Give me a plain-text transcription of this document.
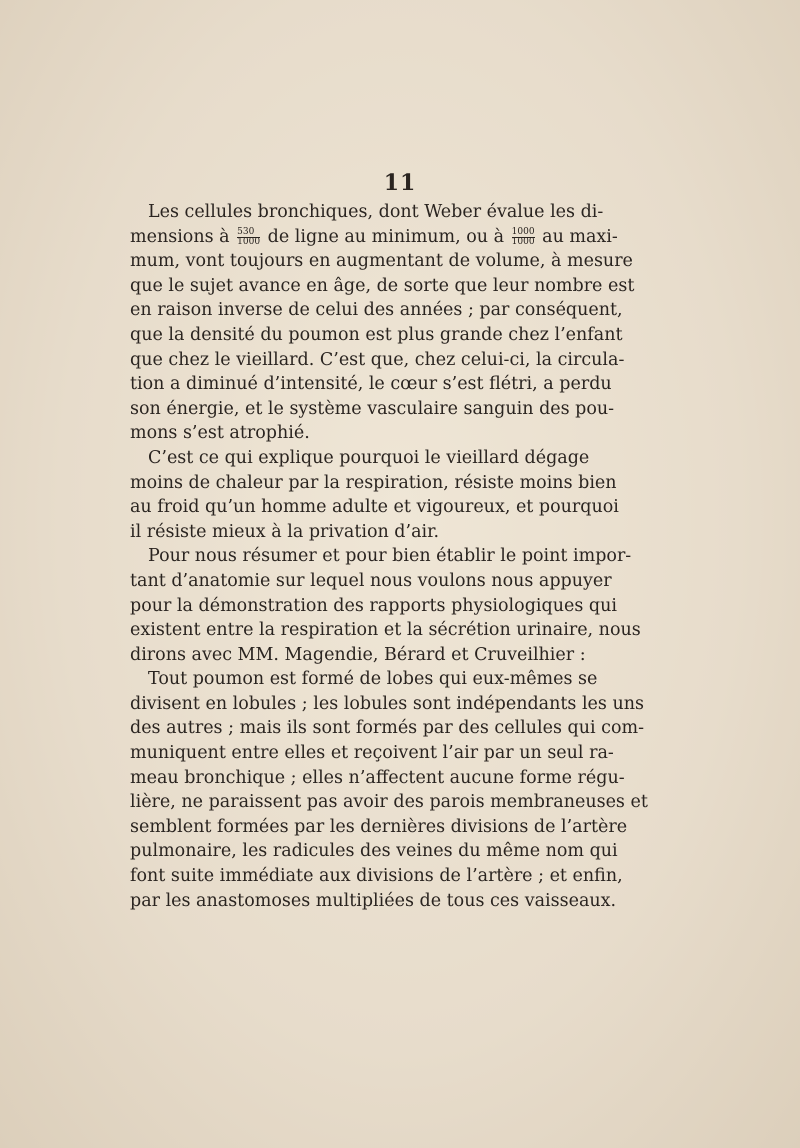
11
Les cellules bronchiques, dont Weber évalue les di-
mensions à $\frac{530}{1000}$ de ligne au minimum, ou à $\frac{1000}{1000}$ au maxi-
mum, vont toujours en augmentant de volume, à mesure
que le sujet avance en âge, de sorte que leur nombre est
en raison inverse de celui des années ; par conséquent,
que la densité du poumon est plus grande chez l’enfant
que chez le vieillard. C’est que, chez celui-ci, la circula-
tion a diminué d’intensité, le cœur s’est flétri, a perdu
son énergie, et le système vasculaire sanguin des pou-
mons s’est atrophié.
C’est ce qui explique pourquoi le vieillard dégage
moins de chaleur par la respiration, résiste moins bien
au froid qu’un homme adulte et vigoureux, et pourquoi
il résiste mieux à la privation d’air.
Pour nous résumer et pour bien établir le point impor-
tant d’anatomie sur lequel nous voulons nous appuyer
pour la démonstration des rapports physiologiques qui
existent entre la respiration et la sécrétion urinaire, nous
dirons avec MM. Magendie, Bérard et Cruveilhier :
Tout poumon est formé de lobes qui eux-mêmes se
divisent en lobules ; les lobules sont indépendants les uns
des autres ; mais ils sont formés par des cellules qui com-
muniquent entre elles et reçoivent l’air par un seul ra-
meau bronchique ; elles n’affectent aucune forme régu-
lière, ne paraissent pas avoir des parois membraneuses et
semblent formées par les dernières divisions de l’artère
pulmonaire, les radicules des veines du même nom qui
font suite immédiate aux divisions de l’artère ; et enfin,
par les anastomoses multipliées de tous ces vaisseaux.
